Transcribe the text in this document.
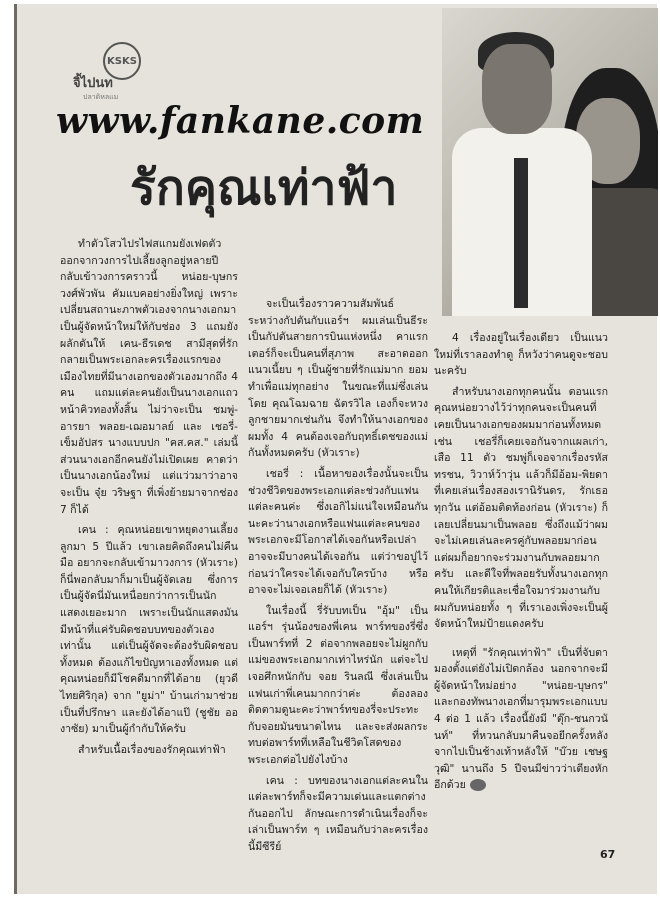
KSKS
จิ้ไปนท
ปลาดิหลแม
www.fankane.com
รักคุณเท่าฟ้า

ทำตัวโสวไปรไฟสแกมยังเฟดตัวออกจากวงการไปเลี้ยงลูกอยู่หลายปี กลับเข้าวงการคราวนี้ หน่อย-บุษกร วงศ์พัวพัน คัมแบคอย่างยิ่งใหญ่ เพราะเปลี่ยนสถานะภาพตัวเองจากนางเอกมาเป็นผู้จัดหน้าใหม่ให้กับช่อง 3 แถมยังผลักดันให้ เคน-ธีรเดช สามีสุดที่รักกลายเป็นพระเอกละครเรื่องแรกของเมืองไทยที่มีนางเอกของตัวเองมากถึง 4 คน แถมแต่ละคนยังเป็นนางเอกแถวหน้าคิวทองทั้งสิ้น ไม่ว่าจะเป็น ชมพู่-อารยา พลอย-เฌอมาลย์ และ เชอรี่-เข็มอัปสร นางแบบปก "คส.คส." เล่มนี้ ส่วนนางเอกอีกคนยังไม่เปิดเผย คาดว่าเป็นนางเอกน้องใหม่ แต่แว่วมาว่าอาจจะเป็น จุ๋ย วริษฐา ที่เพิ่งย้ายมาจากช่อง 7 ก็ได้

เคน : คุณหน่อยเขาหยุดงานเลี้ยงลูกมา 5 ปีแล้ว เขาเลยคิดถึงคนไม่คืนมือ อยากจะกลับเข้ามาวงการ (หัวเราะ) ก็นี่พอกลับมาก็มาเป็นผู้จัดเลย ซึ่งการเป็นผู้จัดนี่มันเหนื่อยกว่าการเป็นนักแสดงเยอะมาก เพราะเป็นนักแสดงมันมีหน้าที่แค่รับผิดชอบบทของตัวเองเท่านั้น แต่เป็นผู้จัดจะต้องรับผิดชอบทั้งหมด ต้องแก้ไขปัญหาเองทั้งหมด แต่คุณหน่อยก็มีโชคดีมากที่ได้อาย (ยุวดี ไทยศิริกุล) จาก "ยูม่า" บ้านเก่ามาช่วยเป็นที่ปรึกษา และยังได้อาแป๊ (ชูชัย อองาซัย) มาเป็นผู้กำกับให้ครับ

สำหรับเนื้อเรื่องของรักคุณเท่าฟ้า

จะเป็นเรื่องราวความสัมพันธ์ระหว่างกัปตันกับแอร์ฯ ผมเล่นเป็นธีระ เป็นกัปตันสายการบินแห่งหนึ่ง คาแรกเตอร์ก็จะเป็นคนที่สุภาพ สะอาดออกแนวเนี้ยบ ๆ เป็นผู้ชายที่รักแม่มาก ยอมทำเพื่อแม่ทุกอย่าง ในขณะที่แม่ซึ่งเล่นโดย คุณโฉมฉาย ฉัตรวิไล เองก็จะหวงลูกชายมากเช่นกัน จึงทำให้นางเอกของผมทั้ง 4 คนต้องเจอกับฤทธิ์เดชของแม่กันทั้งหมดครับ (หัวเราะ)

เชอรี่ : เนื้อหาของเรื่องนั้นจะเป็นช่วงชีวิตของพระเอกแต่ละช่วงกับแฟนแต่ละคนค่ะ ซึ่งเอกิไม่แน่ใจเหมือนกันนะคะว่านางเอกหรือแฟนแต่ละคนของพระเอกจะมีโอกาสได้เจอกันหรือเปล่า อาจจะมีบางคนได้เจอกัน แต่ว่าขอปูไว้ก่อนว่าใครจะได้เจอกับใครบ้าง หรืออาจจะไม่เจอเลยก็ได้ (หัวเราะ)

ในเรื่องนี้ รี่รับบทเป็น "อุ้ม" เป็นแอร์ฯ รุ่นน้องของพี่เคน พาร์ทของรี่ซึ่งเป็นพาร์ทที่ 2 ต่อจากพลอยจะไม่ผูกกับแม่ของพระเอกมากเท่าไหร่นัก แต่จะไปเจอศึกหนักกับ จอย รินลณี ซึ่งเล่นเป็นแฟนเก่าพี่เคนมากกว่าค่ะ ต้องลองติดตามดูนะคะว่าพาร์ทของรี่จะประทะกับจอยมันขนาดไหน และจะส่งผลกระทบต่อพาร์ทที่เหลือในชีวิตโสดของพระเอกต่อไปยังไงบ้าง

เคน : บทของนางเอกแต่ละคนในแต่ละพาร์ทก็จะมีความเด่นและแตกต่างกันออกไป ลักษณะการดำเนินเรื่องก็จะเล่าเป็นพาร์ท ๆ เหมือนกับว่าละครเรื่องนี้มีซีรีย์

4 เรื่องอยู่ในเรื่องเดียว เป็นแนวใหม่ที่เราลองทำดู ก็หวังว่าคนดูจะชอบนะครับ

สำหรับนางเอกทุกคนนั้น ตอนแรกคุณหน่อยวางไว้ว่าทุกคนจะเป็นคนที่เคยเป็นนางเอกของผมมาก่อนทั้งหมด เช่น เชอรี่ก็เคยเจอกันจากแผลเก่า, เสือ 11 ตัว ชมพู่ก็เจอจากเรื่องรหัสทรชน, วิวาห์ว้าวุ่น แล้วก็มีอ้อม-พิยดาที่เคยเล่นเรื่องสองเรานิรันดร, รักเธอทุกวัน แต่อ้อมติดท้องก่อน (หัวเราะ) ก็เลยเปลี่ยนมาเป็นพลอย ซึ่งถึงแม้ว่าผมจะไม่เคยเล่นละครคู่กับพลอยมาก่อน แต่ผมก็อยากจะร่วมงานกับพลอยมากครับ และดีใจที่พลอยรับทั้งนางเอกทุกคนให้เกียรติและเชื่อใจมาร่วมงานกับผมกับหน่อยทั้ง ๆ ที่เราเองเพิ่งจะเป็นผู้จัดหน้าใหม่ป้ายแดงครับ

เหตุที่ "รักคุณเท่าฟ้า" เป็นที่จับตามองตั้งแต่ยังไม่เปิดกล้อง นอกจากจะมีผู้จัดหน้าใหม่อย่าง "หน่อย-บุษกร" และกองทัพนางเอกที่มารุมพระเอกแบบ 4 ต่อ 1 แล้ว เรื่องนี้ยังมี "ตุ๊ก-ชนกวนันท์" ที่หวนกลับมาคืนจอยีกครั้งหลังจากไปเป็นช้างเท้าหลังให้ "บ๊วย เชษฐวุฒิ" นานถึง 5 ปีจนมีข่าวว่าเตียงหักอีกด้วย

67
